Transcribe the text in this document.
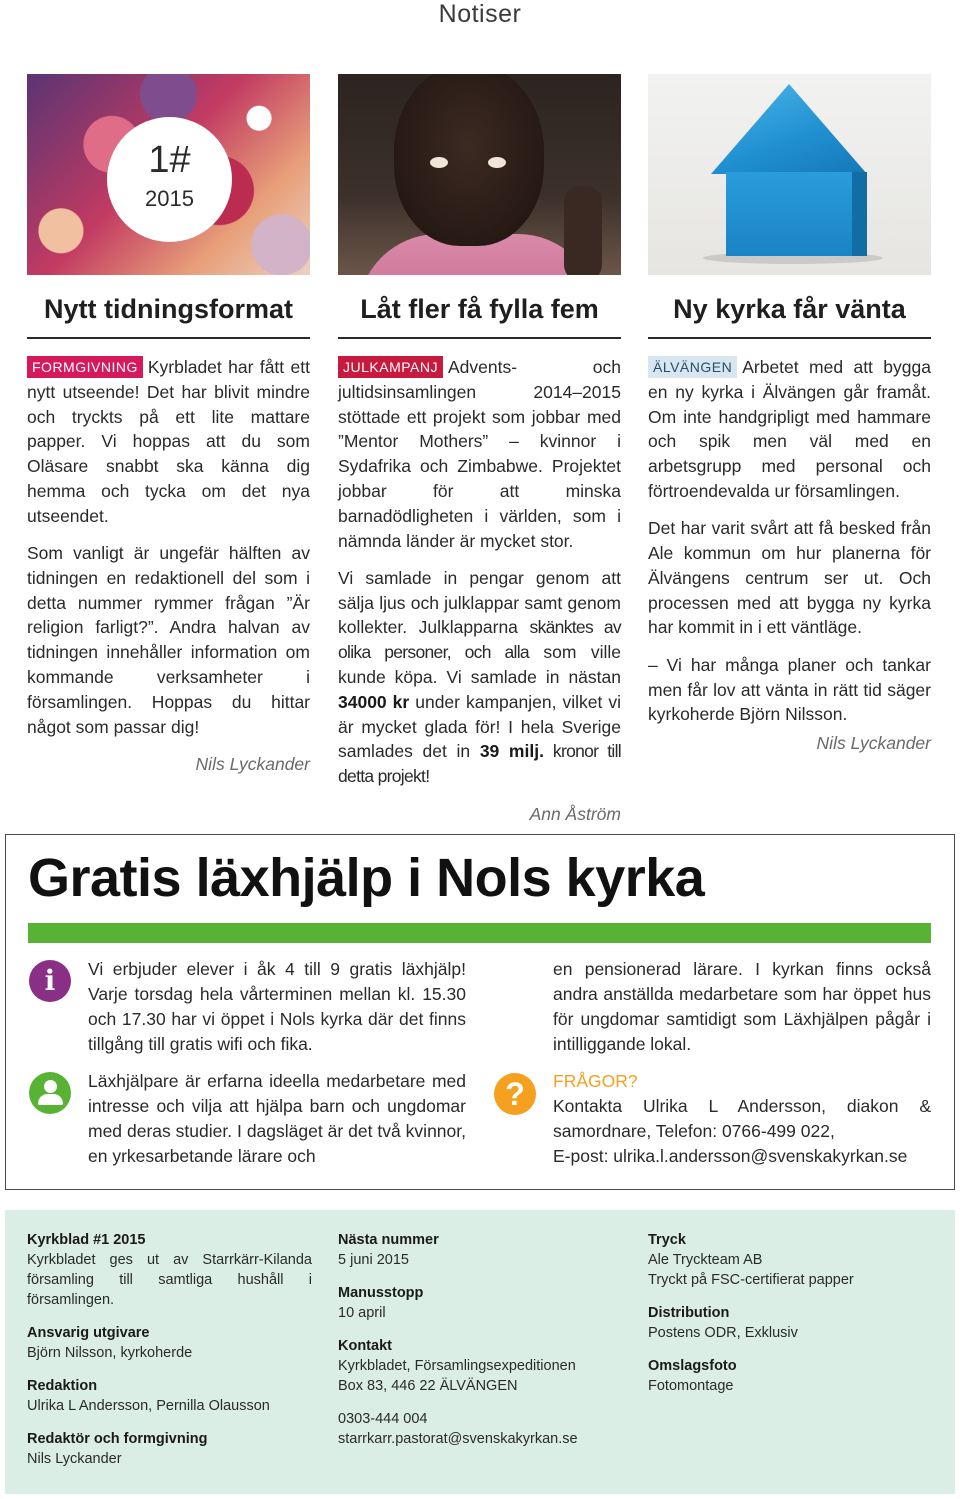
Notiser
1#
2015
Nytt tidningsformat

FORMGIVNING Kyrbladet har fått ett nytt utseende! Det har blivit mindre och tryckts på ett lite mattare papper. Vi hoppas att du som Oläsare snabbt ska känna dig hemma och tycka om det nya utseendet.

Som vanligt är ungefär hälften av tidningen en redaktionell del som i detta nummer rymmer frågan ”Är religion farligt?”. Andra halvan av tidningen innehåller information om kommande verksamheter i församlingen. Hoppas du hittar något som passar dig!

Nils Lyckander
Låt fler få fylla fem

JULKAMPANJ Advents- och jultidsinsamlingen 2014–2015 stöttade ett projekt som jobbar med ”Mentor Mothers” – kvinnor i Sydafrika och Zimbabwe. Projektet jobbar för att minska barnadödligheten i världen, som i nämnda länder är mycket stor.

Vi samlade in pengar genom att sälja ljus och julklappar samt genom kollekter. Julklapparna skänktes av olika personer, och alla som ville kunde köpa. Vi samlade in nästan 34000 kr under kampanjen, vilket vi är mycket glada för! I hela Sverige samlades det in 39 milj. kronor till detta projekt!

Ann Åström
Ny kyrka får vänta

ÄLVÄNGEN Arbetet med att bygga en ny kyrka i Älvängen går framåt. Om inte handgripligt med hammare och spik men väl med en arbetsgrupp med personal och förtroendevalda ur församlingen.

Det har varit svårt att få besked från Ale kommun om hur planerna för Älvängens centrum ser ut. Och processen med att bygga ny kyrka har kommit in i ett väntläge.

– Vi har många planer och tankar men får lov att vänta in rätt tid säger kyrkoherde Björn Nilsson.

Nils Lyckander
Gratis läxhjälp i Nols kyrka
i	Vi erbjuder elever i åk 4 till 9 gratis läxhjälp! Varje torsdag hela vårterminen mellan kl. 15.30 och 17.30 har vi öppet i Nols kyrka där det finns tillgång till gratis wifi och fika.
Läxhjälpare är erfarna ideella medarbetare med intresse och vilja att hjälpa barn och ungdomar med deras studier. I dagsläget är det två kvinnor, en yrkesarbetande lärare och
en pensionerad lärare. I kyrkan finns också andra anställda medarbetare som har öppet hus för ungdomar samtidigt som Läxhjälpen pågår i intilliggande lokal.
?	FRÅGOR?
Kontakta Ulrika L Andersson, diakon & samordnare, Telefon: 0766-499 022,
E-post: ulrika.l.andersson@svenskakyrkan.se
Kyrkblad #1 2015
Kyrkbladet ges ut av Starrkärr-Kilanda församling till samtliga hushåll i församlingen.
Ansvarig utgivare
Björn Nilsson, kyrkoherde
Redaktion
Ulrika L Andersson, Pernilla Olausson
Redaktör och formgivning
Nils Lyckander
Nästa nummer
5 juni 2015
Manusstopp
10 april
Kontakt
Kyrkbladet, Församlingsexpeditionen
Box 83, 446 22 ÄLVÄNGEN
0303-444 004
starrkarr.pastorat@svenskakyrkan.se
Tryck
Ale Tryckteam AB
Tryckt på FSC-certifierat papper
Distribution
Postens ODR, Exklusiv
Omslagsfoto
Fotomontage
